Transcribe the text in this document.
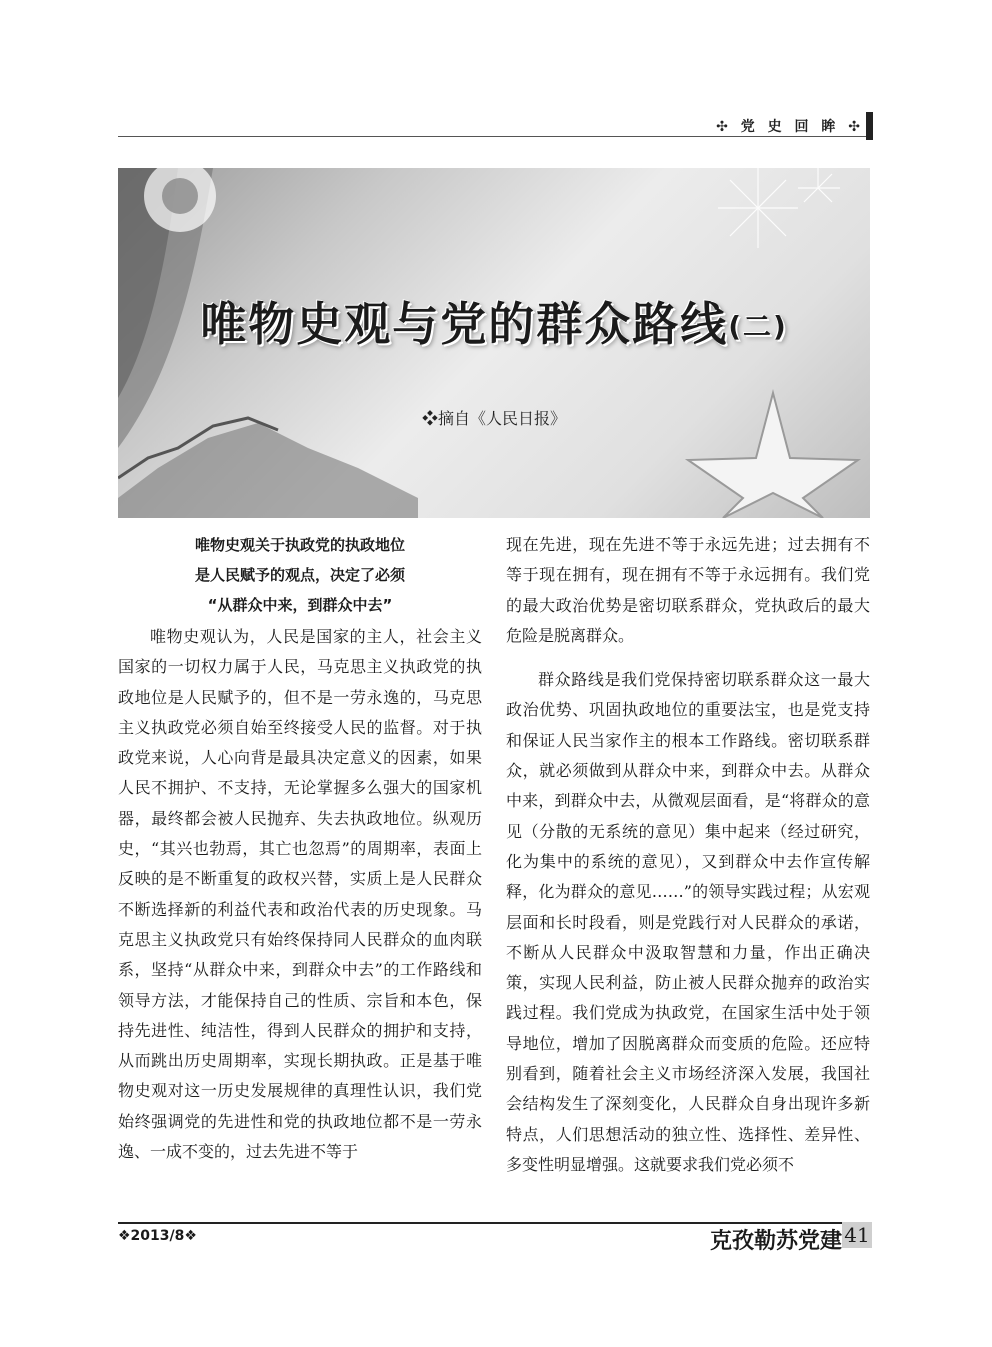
✣ 党 史 回 眸 ✣
唯物史观与党的群众路线(二)
❖摘自《人民日报》
唯物史观关于执政党的执政地位
是人民赋予的观点，决定了必须
“从群众中来，到群众中去”

唯物史观认为，人民是国家的主人，社会主义国家的一切权力属于人民，马克思主义执政党的执政地位是人民赋予的，但不是一劳永逸的，马克思主义执政党必须自始至终接受人民的监督。对于执政党来说，人心向背是最具决定意义的因素，如果人民不拥护、不支持，无论掌握多么强大的国家机器，最终都会被人民抛弃、失去执政地位。纵观历史，“其兴也勃焉，其亡也忽焉”的周期率，表面上反映的是不断重复的政权兴替，实质上是人民群众不断选择新的利益代表和政治代表的历史现象。马克思主义执政党只有始终保持同人民群众的血肉联系，坚持“从群众中来，到群众中去”的工作路线和领导方法，才能保持自己的性质、宗旨和本色，保持先进性、纯洁性，得到人民群众的拥护和支持，从而跳出历史周期率，实现长期执政。正是基于唯物史观对这一历史发展规律的真理性认识，我们党始终强调党的先进性和党的执政地位都不是一劳永逸、一成不变的，过去先进不等于

现在先进，现在先进不等于永远先进；过去拥有不等于现在拥有，现在拥有不等于永远拥有。我们党的最大政治优势是密切联系群众，党执政后的最大危险是脱离群众。

群众路线是我们党保持密切联系群众这一最大政治优势、巩固执政地位的重要法宝，也是党支持和保证人民当家作主的根本工作路线。密切联系群众，就必须做到从群众中来，到群众中去。从群众中来，到群众中去，从微观层面看，是“将群众的意见（分散的无系统的意见）集中起来（经过研究，化为集中的系统的意见），又到群众中去作宣传解释，化为群众的意见……”的领导实践过程；从宏观层面和长时段看，则是党践行对人民群众的承诺，不断从人民群众中汲取智慧和力量，作出正确决策，实现人民利益，防止被人民群众抛弃的政治实践过程。我们党成为执政党，在国家生活中处于领导地位，增加了因脱离群众而变质的危险。还应特别看到，随着社会主义市场经济深入发展，我国社会结构发生了深刻变化，人民群众自身出现许多新特点，人们思想活动的独立性、选择性、差异性、多变性明显增强。这就要求我们党必须不

❖2013/8❖	克孜勒苏党建 41
